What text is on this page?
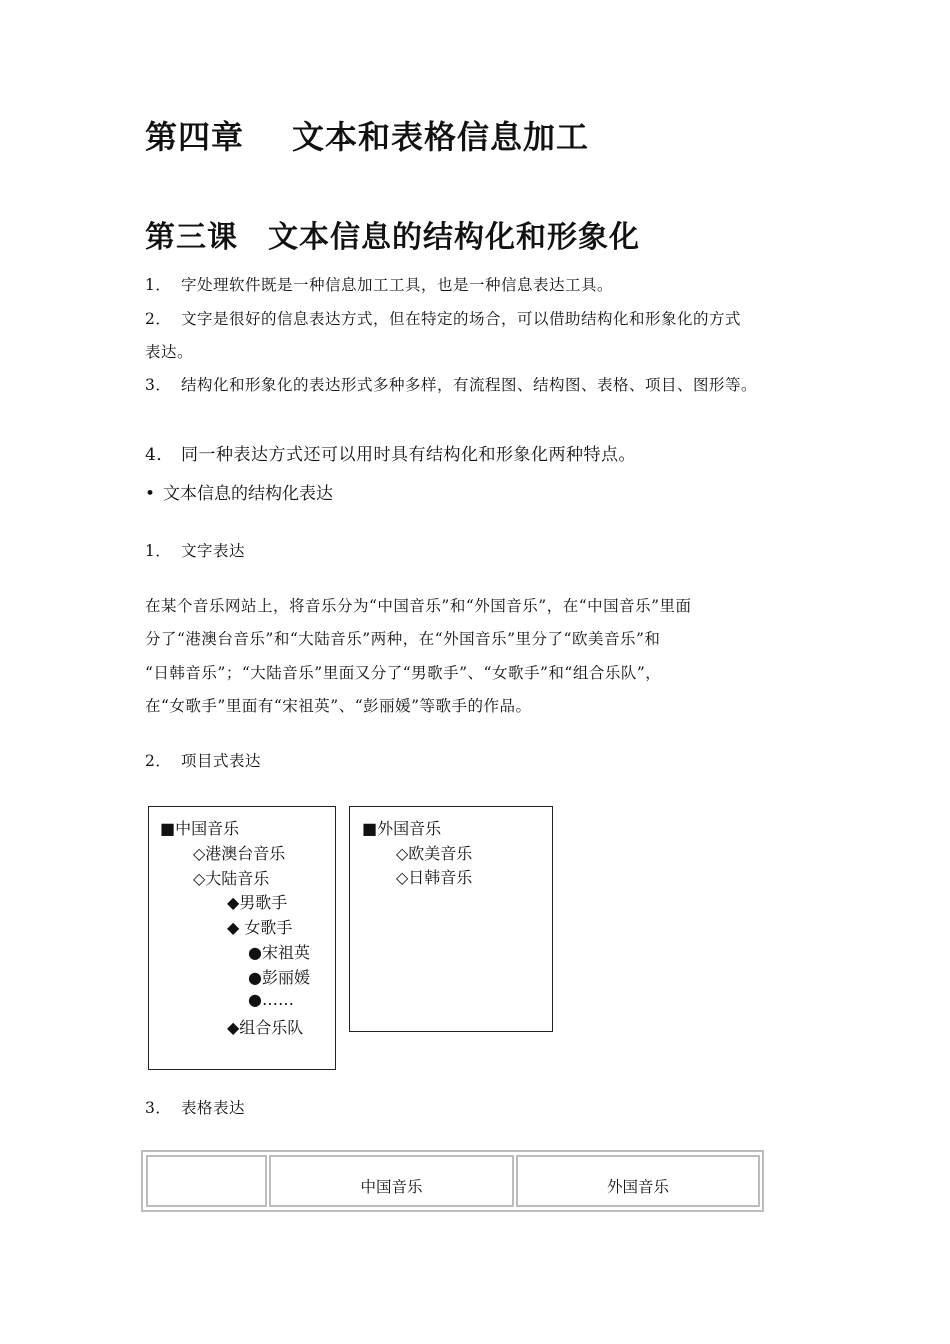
第四章 文本和表格信息加工
第三课 文本信息的结构化和形象化
1． 字处理软件既是一种信息加工工具，也是一种信息表达工具。
2． 文字是很好的信息表达方式，但在特定的场合，可以借助结构化和形象化的方式
表达。
3． 结构化和形象化的表达形式多种多样，有流程图、结构图、表格、项目、图形等。
4． 同一种表达方式还可以用时具有结构化和形象化两种特点。
• 文本信息的结构化表达
1． 文字表达
在某个音乐网站上，将音乐分为“中国音乐”和“外国音乐”，在“中国音乐”里面
分了“港澳台音乐”和“大陆音乐”两种，在“外国音乐”里分了“欧美音乐”和
“日韩音乐”；“大陆音乐”里面又分了“男歌手”、“女歌手”和“组合乐队”，
在“女歌手”里面有“宋祖英”、“彭丽媛”等歌手的作品。
2． 项目式表达
■中国音乐
◇港澳台音乐
◇大陆音乐
◆男歌手
◆ 女歌手
●宋祖英
●彭丽媛
●……
◆组合乐队
■外国音乐
◇欧美音乐
◇日韩音乐
3． 表格表达
中国音乐	外国音乐
